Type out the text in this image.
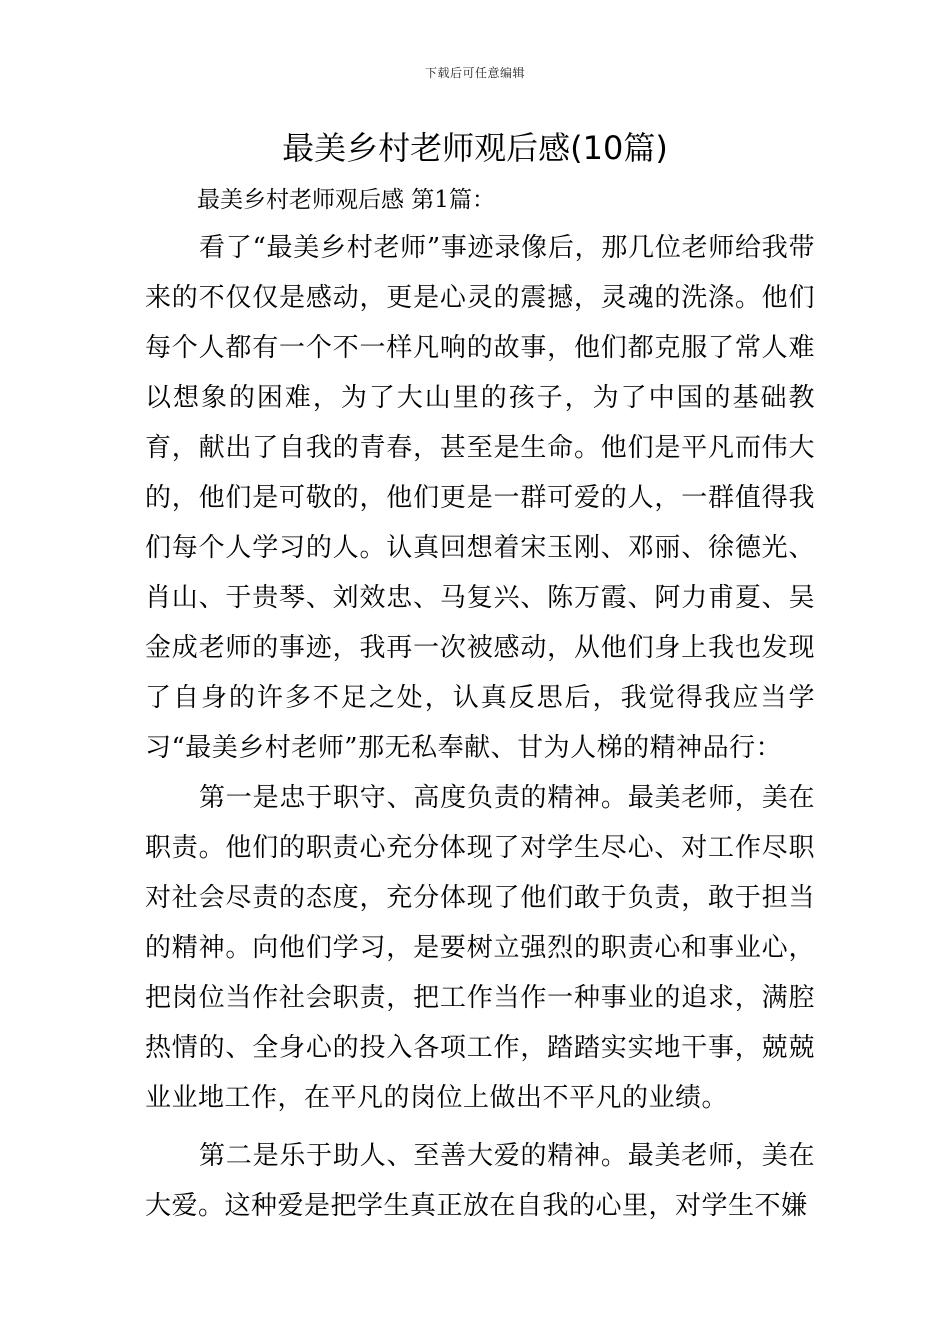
下载后可任意编辑
最美乡村老师观后感(10篇)

最美乡村老师观后感 第1篇：

看了“最美乡村老师”事迹录像后，那几位老师给我带来的不仅仅是感动，更是心灵的震撼，灵魂的洗涤。他们每个人都有一个不一样凡响的故事，他们都克服了常人难以想象的困难，为了大山里的孩子，为了中国的基础教育，献出了自我的青春，甚至是生命。他们是平凡而伟大的，他们是可敬的，他们更是一群可爱的人，一群值得我们每个人学习的人。认真回想着宋玉刚、邓丽、徐德光、肖山、于贵琴、刘效忠、马复兴、陈万霞、阿力甫夏、吴金成老师的事迹，我再一次被感动，从他们身上我也发现了自身的许多不足之处，认真反思后，我觉得我应当学习“最美乡村老师”那无私奉献、甘为人梯的精神品行：

第一是忠于职守、高度负责的精神。最美老师，美在职责。他们的职责心充分体现了对学生尽心、对工作尽职对社会尽责的态度，充分体现了他们敢于负责，敢于担当的精神。向他们学习，是要树立强烈的职责心和事业心，把岗位当作社会职责，把工作当作一种事业的追求，满腔热情的、全身心的投入各项工作，踏踏实实地干事，兢兢业业地工作，在平凡的岗位上做出不平凡的业绩。

第二是乐于助人、至善大爱的精神。最美老师，美在大爱。这种爱是把学生真正放在自我的心里，对学生不嫌
